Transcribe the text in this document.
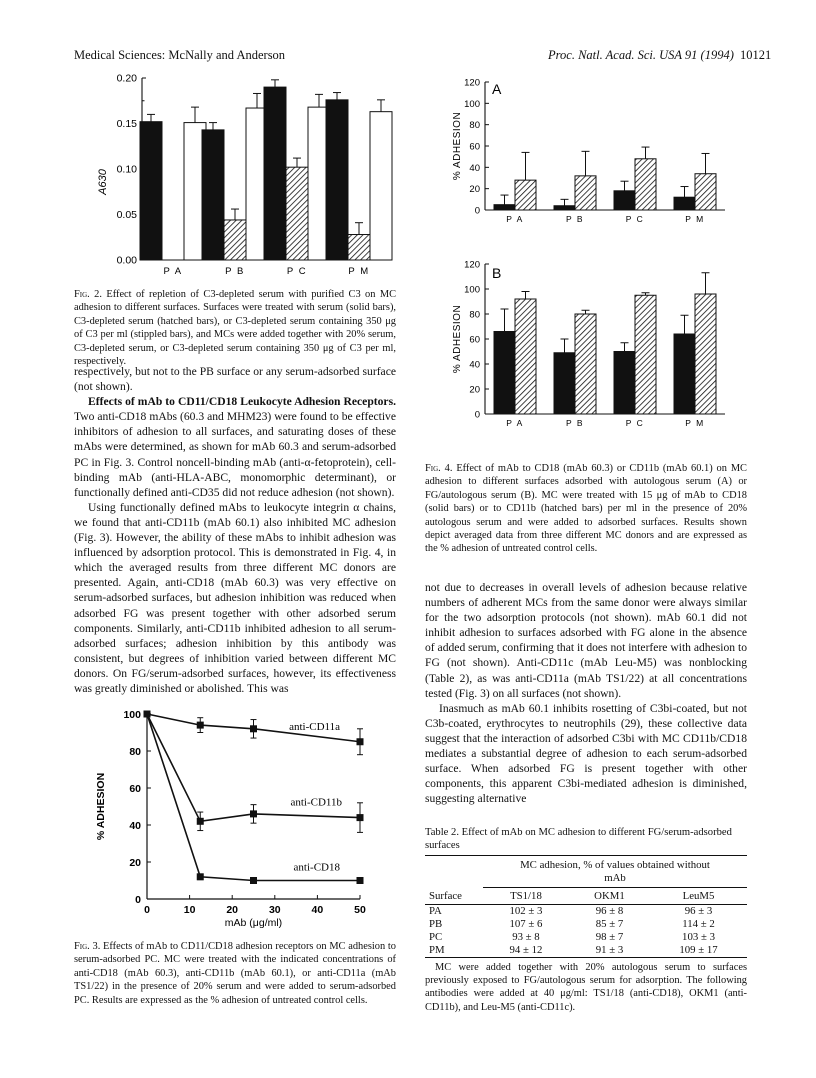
Medical Sciences: McNally and Anderson	Proc. Natl. Acad. Sci. USA 91 (1994) 10121
0.00
0.05
0.10
0.15
0.20
P A	P B	P C	P M
A630
Fig. 2. Effect of repletion of C3-depleted serum with purified C3 on MC adhesion to different surfaces. Surfaces were treated with serum (solid bars), C3-depleted serum (hatched bars), or C3-depleted serum containing 350 μg of C3 per ml (stippled bars), and MCs were added together with 20% serum, C3-depleted serum, or C3-depleted serum containing 350 μg of C3 per ml, respectively.

respectively, but not to the PB surface or any serum-adsorbed surface (not shown).

Effects of mAb to CD11/CD18 Leukocyte Adhesion Receptors. Two anti-CD18 mAbs (60.3 and MHM23) were found to be effective inhibitors of adhesion to all surfaces, and saturating doses of these mAbs were determined, as shown for mAb 60.3 and serum-adsorbed PC in Fig. 3. Control noncell-binding mAb (anti-α-fetoprotein), cell-binding mAb (anti-HLA-ABC, monomorphic determinant), or functionally defined anti-CD35 did not reduce adhesion (not shown).

Using functionally defined mAbs to leukocyte integrin α chains, we found that anti-CD11b (mAb 60.1) also inhibited MC adhesion (Fig. 3). However, the ability of these mAbs to inhibit adhesion was influenced by adsorption protocol. This is demonstrated in Fig. 4, in which the averaged results from three different MC donors are presented. Again, anti-CD18 (mAb 60.3) was very effective on serum-adsorbed surfaces, but adhesion inhibition was reduced when adsorbed FG was present together with other adsorbed serum components. Similarly, anti-CD11b inhibited adhesion to all serum-adsorbed surfaces; adhesion inhibition by this antibody was consistent, but degrees of inhibition varied between different MC donors. On FG/serum-adsorbed surfaces, however, its effectiveness was greatly diminished or abolished. This was

0
20
40
60
80
100
0	10	20	30	40	50
mAb (μg/ml)
% ADHESION
anti-CD11a
anti-CD11b
anti-CD18
Fig. 3. Effects of mAb to CD11/CD18 adhesion receptors on MC adhesion to serum-adsorbed PC. MC were treated with the indicated concentrations of anti-CD18 (mAb 60.3), anti-CD11b (mAb 60.1), or anti-CD11a (mAb TS1/22) in the presence of 20% serum and were added to serum-adsorbed PC. Results are expressed as the % adhesion of untreated control cells.
0
20
40
60
80
100
120
P A	P B	P C	P M
A
% ADHESION
0
20
40
60
80
100
120
P A	P B	P C	P M
B
% ADHESION
Fig. 4. Effect of mAb to CD18 (mAb 60.3) or CD11b (mAb 60.1) on MC adhesion to different surfaces adsorbed with autologous serum (A) or FG/autologous serum (B). MC were treated with 15 μg of mAb to CD18 (solid bars) or to CD11b (hatched bars) per ml in the presence of 20% autologous serum and were added to adsorbed surfaces. Results shown depict averaged data from three different MC donors and are expressed as the % adhesion of untreated control cells.

not due to decreases in overall levels of adhesion because relative numbers of adherent MCs from the same donor were always similar for the two adsorption protocols (not shown). mAb 60.1 did not inhibit adhesion to surfaces adsorbed with FG alone in the absence of added serum, confirming that it does not interfere with adhesion to FG (not shown). Anti-CD11c (mAb Leu-M5) was nonblocking (Table 2), as was anti-CD11a (mAb TS1/22) at all concentrations tested (Fig. 3) on all surfaces (not shown).

Inasmuch as mAb 60.1 inhibits rosetting of C3bi-coated, but not C3b-coated, erythrocytes to neutrophils (29), these collective data suggest that the interaction of adsorbed C3bi with MC CD11b/CD18 mediates a substantial degree of adhesion to each serum-adsorbed surface. When adsorbed FG is present together with other components, this apparent C3bi-mediated adhesion is diminished, suggesting alternative

Table 2. Effect of mAb on MC adhesion to different FG/serum-adsorbed surfaces
	MC adhesion, % of values obtained without mAb		
Surface	TS1/18	OKM1	LeuM5
PA	102 ± 3	96 ± 8	96 ± 3
PB	107 ± 6	85 ± 7	114 ± 2
PC	93 ± 8	98 ± 7	103 ± 3
PM	94 ± 12	91 ± 3	109 ± 17
MC were added together with 20% autologous serum to surfaces previously exposed to FG/autologous serum for adsorption. The following antibodies were added at 40 μg/ml: TS1/18 (anti-CD18), OKM1 (anti-CD11b), and Leu-M5 (anti-CD11c).
